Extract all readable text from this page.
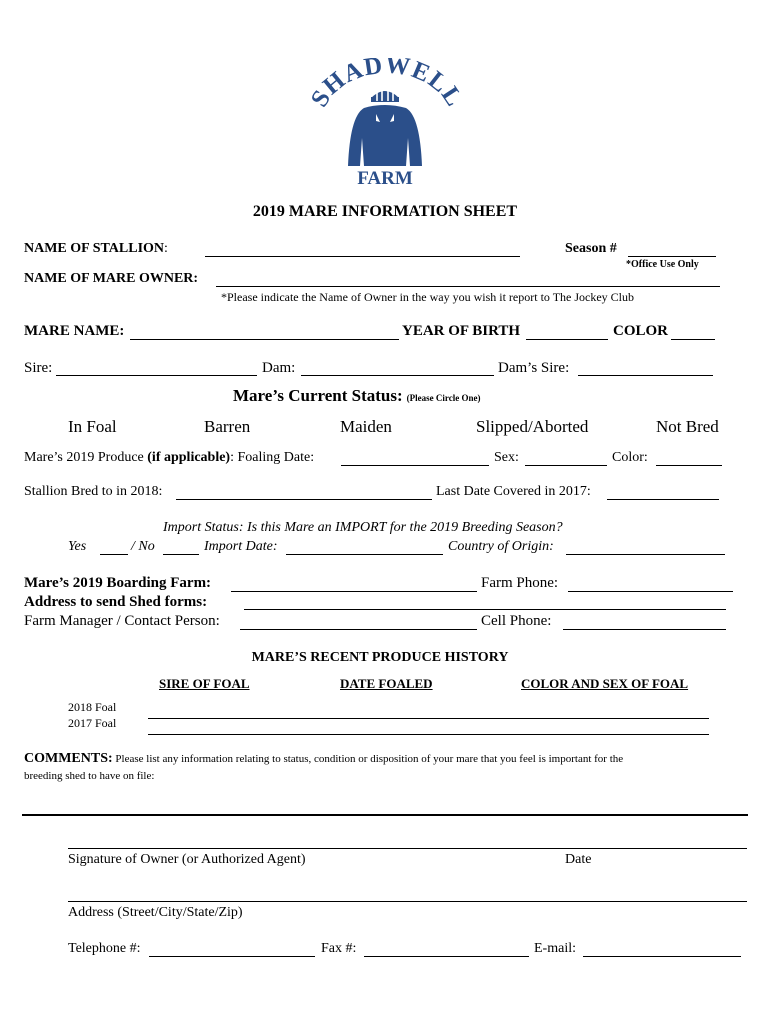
SHADWELL
FARM
2019 MARE INFORMATION SHEET
NAME OF STALLION:	Season #
*Office Use Only
NAME OF MARE OWNER:
*Please indicate the Name of Owner in the way you wish it report to The Jockey Club
MARE NAME:	YEAR OF BIRTH	COLOR
Sire:	Dam:	Dam’s Sire:
Mare’s Current Status: (Please Circle One)
In Foal	Barren	Maiden	Slipped/Aborted	Not Bred
Mare’s 2019 Produce (if applicable): Foaling Date:	Sex:	Color:
Stallion Bred to in 2018:	Last Date Covered in 2017:
Import Status: Is this Mare an IMPORT for the 2019 Breeding Season?
Yes	/ No	Import Date:	Country of Origin:
Mare’s 2019 Boarding Farm:	Farm Phone:
Address to send Shed forms:
Farm Manager / Contact Person:	Cell Phone:
MARE’S RECENT PRODUCE HISTORY
SIRE OF FOAL	DATE FOALED	COLOR AND SEX OF FOAL
2018 Foal
2017 Foal
COMMENTS: Please list any information relating to status, condition or disposition of your mare that you feel is important for the
breeding shed to have on file:
Signature of Owner (or Authorized Agent)	Date
Address (Street/City/State/Zip)
Telephone #:	Fax #:	E-mail:
